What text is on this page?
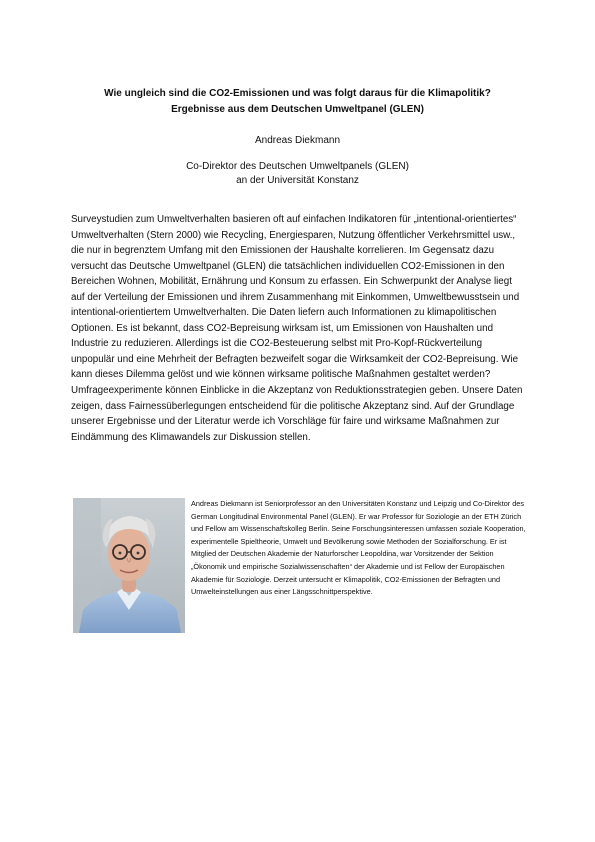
Wie ungleich sind die CO2-Emissionen und was folgt daraus für die Klimapolitik?
Ergebnisse aus dem Deutschen Umweltpanel (GLEN)
Andreas Diekmann
Co-Direktor des Deutschen Umweltpanels (GLEN)
an der Universität Konstanz
Surveystudien zum Umweltverhalten basieren oft auf einfachen Indikatoren für „intentional-orientiertes“ Umweltverhalten (Stern 2000) wie Recycling, Energiesparen, Nutzung öffentlicher Verkehrsmittel usw., die nur in begrenztem Umfang mit den Emissionen der Haushalte korrelieren. Im Gegensatz dazu versucht das Deutsche Umweltpanel (GLEN) die tatsächlichen individuellen CO2-Emissionen in den Bereichen Wohnen, Mobilität, Ernährung und Konsum zu erfassen. Ein Schwerpunkt der Analyse liegt auf der Verteilung der Emissionen und ihrem Zusammenhang mit Einkommen, Umweltbewusstsein und intentional-orientiertem Umweltverhalten. Die Daten liefern auch Informationen zu klimapolitischen Optionen. Es ist bekannt, dass CO2-Bepreisung wirksam ist, um Emissionen von Haushalten und Industrie zu reduzieren. Allerdings ist die CO2-Besteuerung selbst mit Pro-Kopf-Rückverteilung unpopulär und eine Mehrheit der Befragten bezweifelt sogar die Wirksamkeit der CO2-Bepreisung. Wie kann dieses Dilemma gelöst und wie können wirksame politische Maßnahmen gestaltet werden? Umfrageexperimente können Einblicke in die Akzeptanz von Reduktionsstrategien geben. Unsere Daten zeigen, dass Fairnessüberlegungen entscheidend für die politische Akzeptanz sind. Auf der Grundlage unserer Ergebnisse und der Literatur werde ich Vorschläge für faire und wirksame Maßnahmen zur Eindämmung des Klimawandels zur Diskussion stellen.
Andreas Diekmann ist Seniorprofessor an den Universitäten Konstanz und Leipzig und Co-Direktor des German Longitudinal Environmental Panel (GLEN). Er war Professor für Soziologie an der ETH Zürich und Fellow am Wissenschaftskolleg Berlin. Seine Forschungsinteressen umfassen soziale Kooperation, experimentelle Spieltheorie, Umwelt und Bevölkerung sowie Methoden der Sozialforschung. Er ist Mitglied der Deutschen Akademie der Naturforscher Leopoldina, war Vorsitzender der Sektion „Ökonomik und empirische Sozialwissenschaften“ der Akademie und ist Fellow der Europäischen Akademie für Soziologie. Derzeit untersucht er Klimapolitik, CO2-Emissionen der Befragten und Umwelteinstellungen aus einer Längsschnittperspektive.
